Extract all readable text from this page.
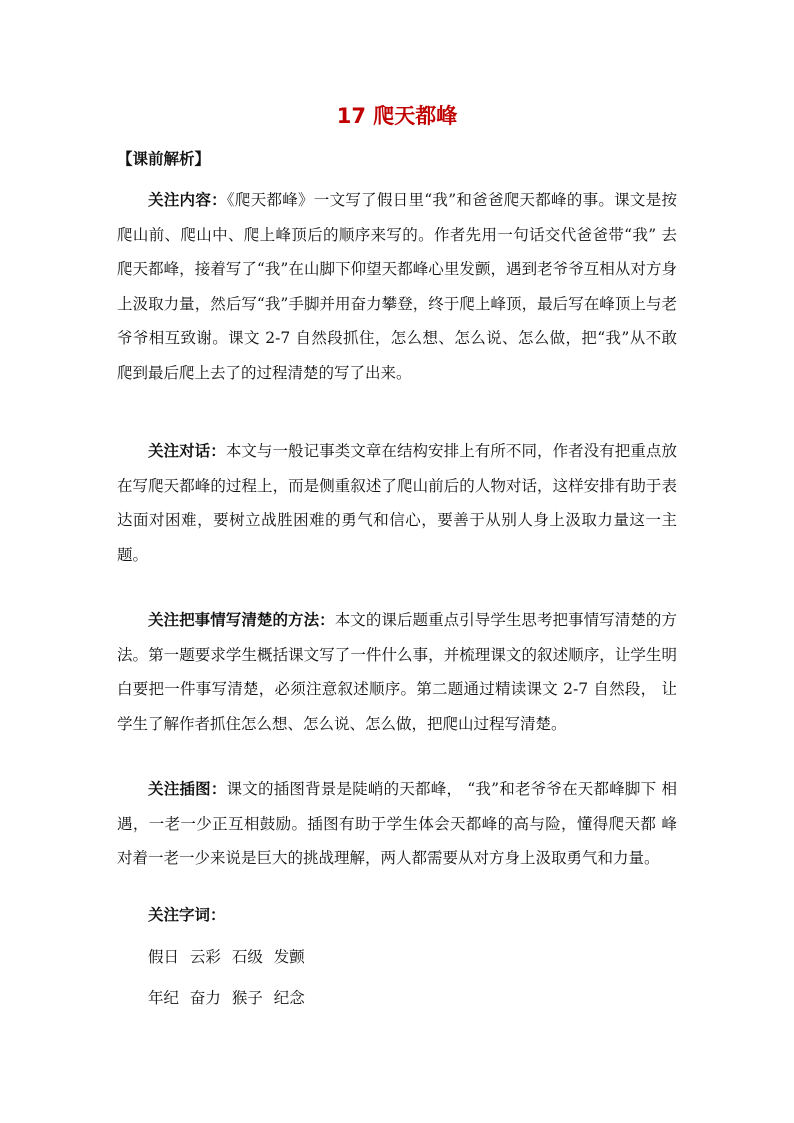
17 爬天都峰
【课前解析】

关注内容：《爬天都峰》一文写了假日里“我”和爸爸爬天都峰的事。课文是按爬山前、爬山中、爬上峰顶后的顺序来写的。作者先用一句话交代爸爸带“我” 去爬天都峰，接着写了“我”在山脚下仰望天都峰心里发颤，遇到老爷爷互相从对方身上汲取力量，然后写“我”手脚并用奋力攀登，终于爬上峰顶，最后写在峰顶上与老爷爷相互致谢。课文 2-7 自然段抓住，怎么想、怎么说、怎么做，把“我”从不敢爬到最后爬上去了的过程清楚的写了出来。

关注对话：本文与一般记事类文章在结构安排上有所不同，作者没有把重点放在写爬天都峰的过程上，而是侧重叙述了爬山前后的人物对话，这样安排有助于表达面对困难，要树立战胜困难的勇气和信心，要善于从别人身上汲取力量这一主题。

关注把事情写清楚的方法：本文的课后题重点引导学生思考把事情写清楚的方法。第一题要求学生概括课文写了一件什么事，并梳理课文的叙述顺序，让学生明白要把一件事写清楚，必须注意叙述顺序。第二题通过精读课文 2-7 自然段， 让学生了解作者抓住怎么想、怎么说、怎么做，把爬山过程写清楚。

关注插图：课文的插图背景是陡峭的天都峰， “我”和老爷爷在天都峰脚下 相遇，一老一少正互相鼓励。插图有助于学生体会天都峰的高与险，懂得爬天都 峰对着一老一少来说是巨大的挑战理解，两人都需要从对方身上汲取勇气和力量。

关注字词：
假日 云彩 石级 发颤
年纪 奋力 猴子 纪念
